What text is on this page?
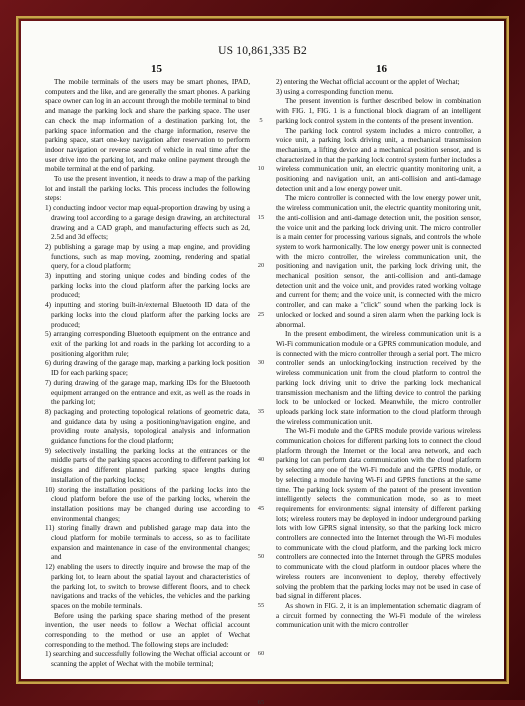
US 10,861,335 B2
15	16

The mobile terminals of the users may be smart phones, IPAD, computers and the like, and are generally the smart phones. A parking space owner can log in an account through the mobile terminal to bind and manage the parking lock and share the parking space. The user can check the map information of a destination parking lot, the parking space information and the charge information, reserve the parking space, start one-key navigation after reservation to perform indoor navigation or reverse search of vehicle in real time after the user drive into the parking lot, and make online payment through the mobile terminal at the end of parking.

To use the present invention, it needs to draw a map of the parking lot and install the parking locks. This process includes the following steps:

1) conducting indoor vector map equal-proportion drawing by using a drawing tool according to a garage design drawing, an architectural drawing and a CAD graph, and manufacturing effects such as 2d, 2.5d and 3d effects;

2) publishing a garage map by using a map engine, and providing functions, such as map moving, zooming, rendering and spatial query, for a cloud platform;

3) inputting and storing unique codes and binding codes of the parking locks into the cloud platform after the parking locks are produced;

4) inputting and storing built-in/external Bluetooth ID data of the parking locks into the cloud platform after the parking locks are produced;

5) arranging corresponding Bluetooth equipment on the entrance and exit of the parking lot and roads in the parking lot according to a positioning algorithm rule;

6) during drawing of the garage map, marking a parking lock position ID for each parking space;

7) during drawing of the garage map, marking IDs for the Bluetooth equipment arranged on the entrance and exit, as well as the roads in the parking lot;

8) packaging and protecting topological relations of geometric data, and guidance data by using a positioning/navigation engine, and providing route analysis, topological analysis and information guidance functions for the cloud platform;

9) selectively installing the parking locks at the entrances or the middle parts of the parking spaces according to different parking lot designs and different planned parking space lengths during installation of the parking locks;

10) storing the installation positions of the parking locks into the cloud platform before the use of the parking locks, wherein the installation positions may be changed during use according to environmental changes;

11) storing finally drawn and published garage map data into the cloud platform for mobile terminals to access, so as to facilitate expansion and maintenance in case of the environmental changes; and

12) enabling the users to directly inquire and browse the map of the parking lot, to learn about the spatial layout and characteristics of the parking lot, to switch to browse different floors, and to check navigations and tracks of the vehicles, the vehicles and the parking spaces on the mobile terminals.

Before using the parking space sharing method of the present invention, the user needs to follow a Wechat official account corresponding to the method or use an applet of Wechat corresponding to the method. The following steps are included:

1) searching and successfully following the Wechat official account or scanning the applet of Wechat with the mobile terminal;

5
10
15
20
25
30
35
40
45
50
55
60
65

2) entering the Wechat official account or the applet of Wechat;

3) using a corresponding function menu.

The present invention is further described below in combination with FIG. 1, FIG. 1 is a functional block diagram of an intelligent parking lock control system in the contents of the present invention.

The parking lock control system includes a micro controller, a voice unit, a parking lock driving unit, a mechanical transmission mechanism, a lifting device and a mechanical position sensor, and is characterized in that the parking lock control system further includes a wireless communication unit, an electric quantity monitoring unit, a positioning and navigation unit, an anti-collision and anti-damage detection unit and a low energy power unit.

The micro controller is connected with the low energy power unit, the wireless communication unit, the electric quantity monitoring unit, the anti-collision and anti-damage detection unit, the position sensor, the voice unit and the parking lock driving unit. The micro controller is a main center for processing various signals, and controls the whole system to work harmonically. The low energy power unit is connected with the micro controller, the wireless communication unit, the positioning and navigation unit, the parking lock driving unit, the mechanical position sensor, the anti-collision and anti-damage detection unit and the voice unit, and provides rated working voltage and current for them; and the voice unit, is connected with the micro controller, and can make a "click" sound when the parking lock is unlocked or locked and sound a siren alarm when the parking lock is abnormal.

In the present embodiment, the wireless communication unit is a Wi-Fi communication module or a GPRS communication module, and is connected with the micro controller through a serial port. The micro controller sends an unlocking/locking instruction received by the wireless communication unit from the cloud platform to control the parking lock driving unit to drive the parking lock mechanical transmission mechanism and the lifting device to control the parking lock to be unlocked or locked. Meanwhile, the micro controller uploads parking lock state information to the cloud platform through the wireless communication unit.

The Wi-Fi module and the GPRS module provide various wireless communication choices for different parking lots to connect the cloud platform through the Internet or the local area network, and each parking lot can perform data communication with the cloud platform by selecting any one of the Wi-Fi module and the GPRS module, or by selecting a module having Wi-Fi and GPRS functions at the same time. The parking lock system of the patent of the present invention intelligently selects the communication mode, so as to meet requirements for environments: signal intensity of different parking lots; wireless routers may be deployed in indoor underground parking lots with low GPRS signal intensity, so that the parking lock micro controllers are connected into the Internet through the Wi-Fi modules to communicate with the cloud platform, and the parking lock micro controllers are connected into the Internet through the GPRS modules to communicate with the cloud platform in outdoor places where the wireless routers are inconvenient to deploy, thereby effectively solving the problem that the parking locks may not be used in case of bad signal in different places.

As shown in FIG. 2, it is an implementation schematic diagram of a circuit formed by connecting the Wi-Fi module of the wireless communication unit with the micro controller
